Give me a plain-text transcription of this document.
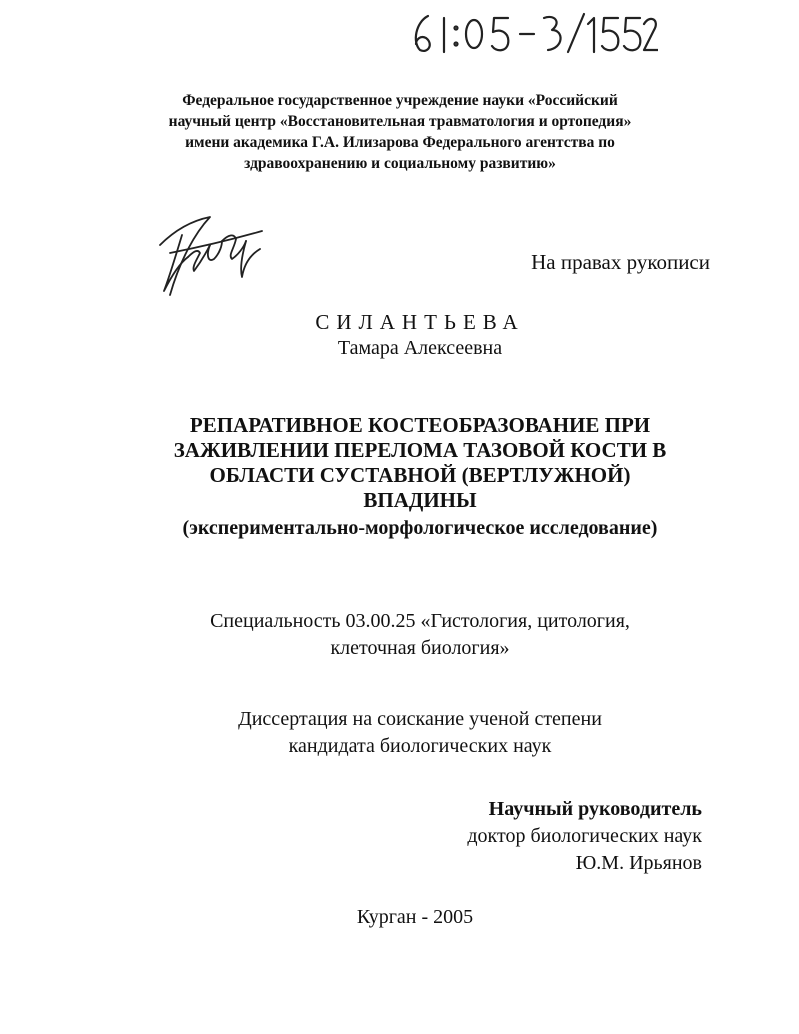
Федеральное государственное учреждение науки «Российский
научный центр «Восстановительная травматология и ортопедия»
имени академика Г.А. Илизарова Федерального агентства по
здравоохранению и социальному развитию»
На правах рукописи
СИЛАНТЬЕВА
Тамара Алексеевна
РЕПАРАТИВНОЕ КОСТЕОБРАЗОВАНИЕ ПРИ
ЗАЖИВЛЕНИИ ПЕРЕЛОМА ТАЗОВОЙ КОСТИ В
ОБЛАСТИ СУСТАВНОЙ (ВЕРТЛУЖНОЙ)
ВПАДИНЫ
(экспериментально-морфологическое исследование)
Специальность 03.00.25 «Гистология, цитология,
клеточная биология»
Диссертация на соискание ученой степени
кандидата биологических наук
Научный руководитель
доктор биологических наук
Ю.М. Ирьянов
Курган - 2005
